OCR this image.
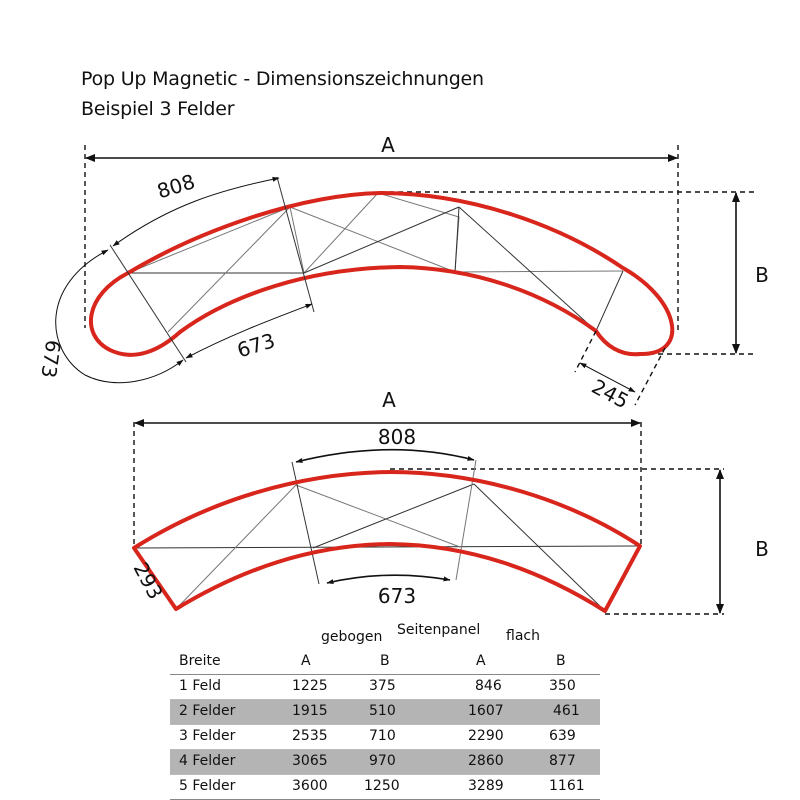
Pop Up Magnetic - Dimensionszeichnungen
Beispiel 3 Felder
A
B
808
673
673
245
A
B
808
673
293
gebogen Seitenpanel flach
Breite	A	B	A	B
1 Feld	1225	375	846	350
2 Felder	1915	510	1607	461
3 Felder	2535	710	2290	639
4 Felder	3065	970	2860	877
5 Felder	3600	1250	3289	1161
